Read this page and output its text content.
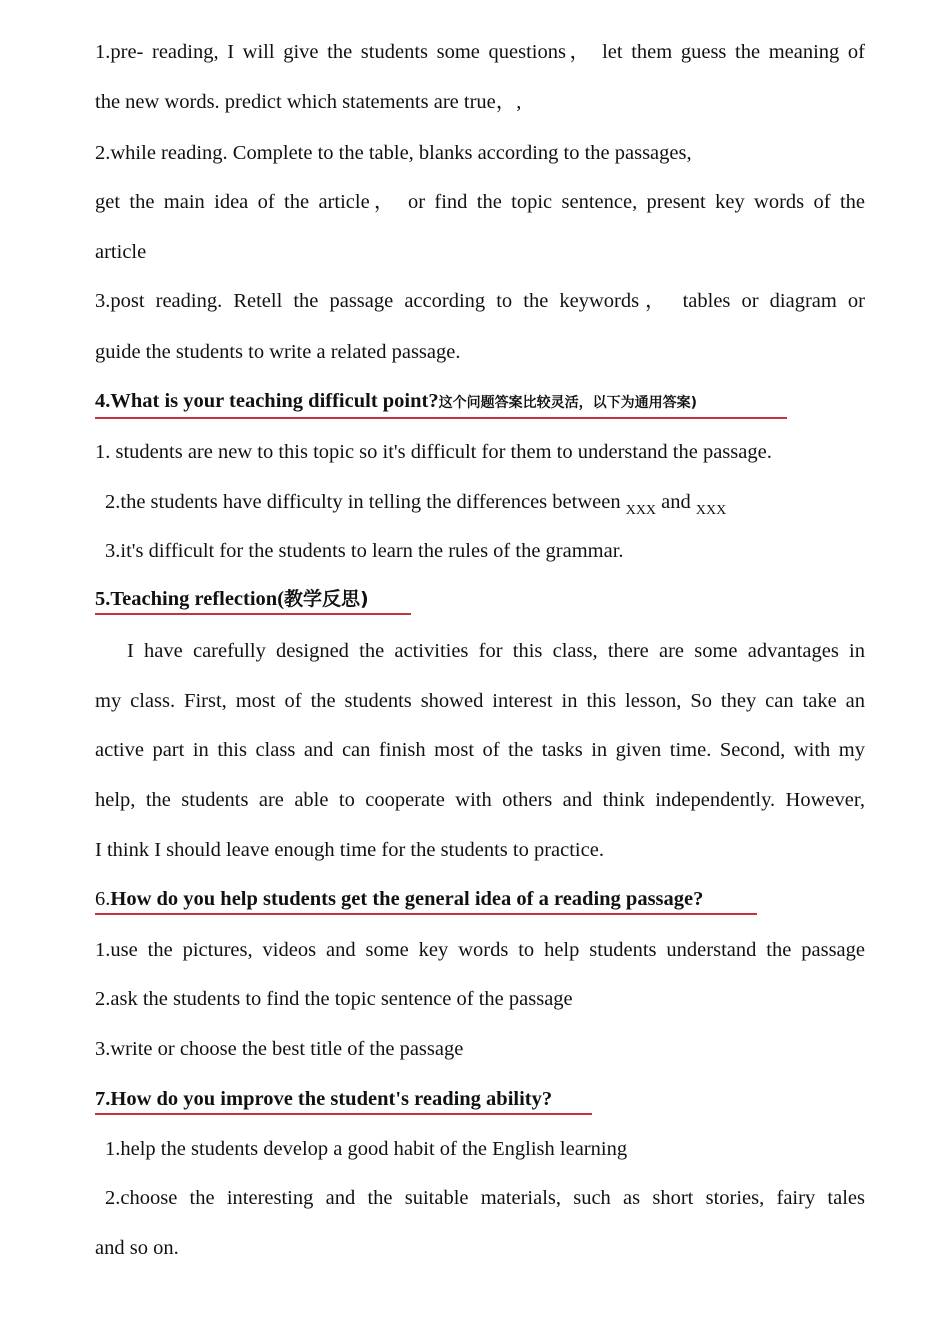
1.pre- reading, I will give the students some questions， let them guess the meaning of
the new words. predict which statements are true，,
2.while reading. Complete to the table, blanks according to the passages,
get the main idea of the article， or find the topic sentence, present key words of the
article
3.post reading. Retell the passage according to the keywords， tables or diagram or
guide the students to write a related passage.
4.What is your teaching difficult point?这个问题答案比较灵活，以下为通用答案)
1. students are new to this topic so it's difficult for them to understand the passage.
2.the students have difficulty in telling the differences between $_{XXX}$ and $_{XXX}$
3.it's difficult for the students to learn the rules of the grammar.
5.Teaching reflection(教学反思)
I have carefully designed the activities for this class, there are some advantages in
my class. First, most of the students showed interest in this lesson, So they can take an
active part in this class and can finish most of the tasks in given time. Second, with my
help, the students are able to cooperate with others and think independently. However,
I think I should leave enough time for the students to practice.
6.How do you help students get the general idea of a reading passage?
1.use the pictures, videos and some key words to help students understand the passage
2.ask the students to find the topic sentence of the passage
3.write or choose the best title of the passage
7.How do you improve the student's reading ability?
1.help the students develop a good habit of the English learning
2.choose the interesting and the suitable materials, such as short stories, fairy tales
and so on.
